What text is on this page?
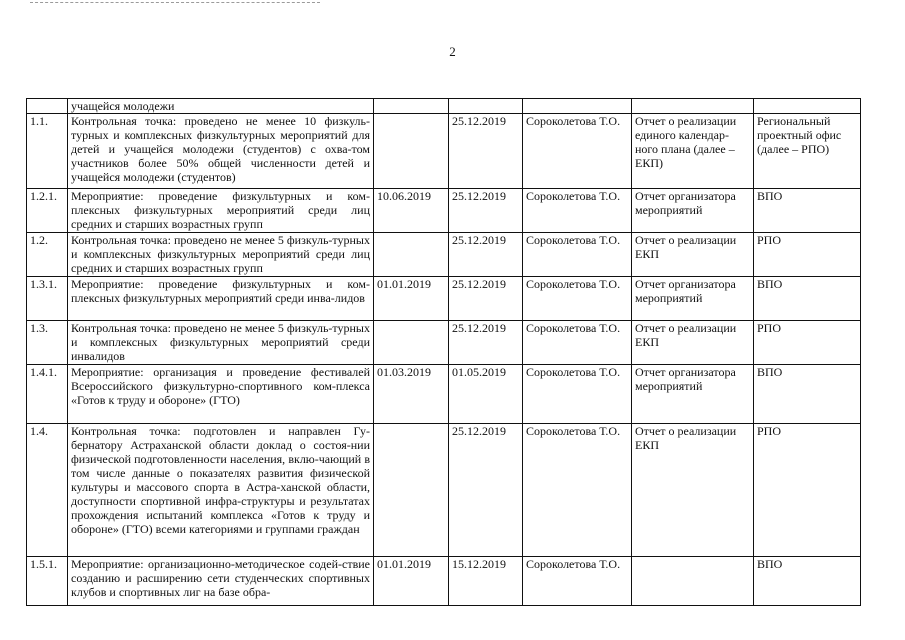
2
	учащейся молодежи					
1.1.	Контрольная точка: проведено не менее 10 физкуль-турных и комплексных физкультурных мероприятий для детей и учащейся молодежи (студентов) с охва-том участников более 50% общей численности детей и учащейся молодежи (студентов)		25.12.2019	Сороколетова Т.О.	Отчет о реализации единого календар-ного плана (далее – ЕКП)	Региональный проектный офис (далее – РПО)
1.2.1.	Мероприятие: проведение физкультурных и ком-плексных физкультурных мероприятий среди лиц средних и старших возрастных групп	10.06.2019	25.12.2019	Сороколетова Т.О.	Отчет организатора мероприятий	ВПО
1.2.	Контрольная точка: проведено не менее 5 физкуль-турных и комплексных физкультурных мероприятий среди лиц средних и старших возрастных групп		25.12.2019	Сороколетова Т.О.	Отчет о реализации ЕКП	РПО
1.3.1.	Мероприятие: проведение физкультурных и ком-плексных физкультурных мероприятий среди инва-лидов	01.01.2019	25.12.2019	Сороколетова Т.О.	Отчет организатора мероприятий	ВПО
1.3.	Контрольная точка: проведено не менее 5 физкуль-турных и комплексных физкультурных мероприятий среди инвалидов		25.12.2019	Сороколетова Т.О.	Отчет о реализации ЕКП	РПО
1.4.1.	Мероприятие: организация и проведение фестивалей Всероссийского физкультурно-спортивного ком-плекса «Готов к труду и обороне» (ГТО)	01.03.2019	01.05.2019	Сороколетова Т.О.	Отчет организатора мероприятий	ВПО
1.4.	Контрольная точка: подготовлен и направлен Гу-бернатору Астраханской области доклад о состоя-нии физической подготовленности населения, вклю-чающий в том числе данные о показателях развития физической культуры и массового спорта в Астра-ханской области, доступности спортивной инфра-структуры и результатах прохождения испытаний комплекса «Готов к труду и обороне» (ГТО) всеми категориями и группами граждан		25.12.2019	Сороколетова Т.О.	Отчет о реализации ЕКП	РПО
1.5.1.	Мероприятие: организационно-методическое содей-ствие созданию и расширению сети студенческих спортивных клубов и спортивных лиг на базе обра-	01.01.2019	15.12.2019	Сороколетова Т.О.		ВПО
